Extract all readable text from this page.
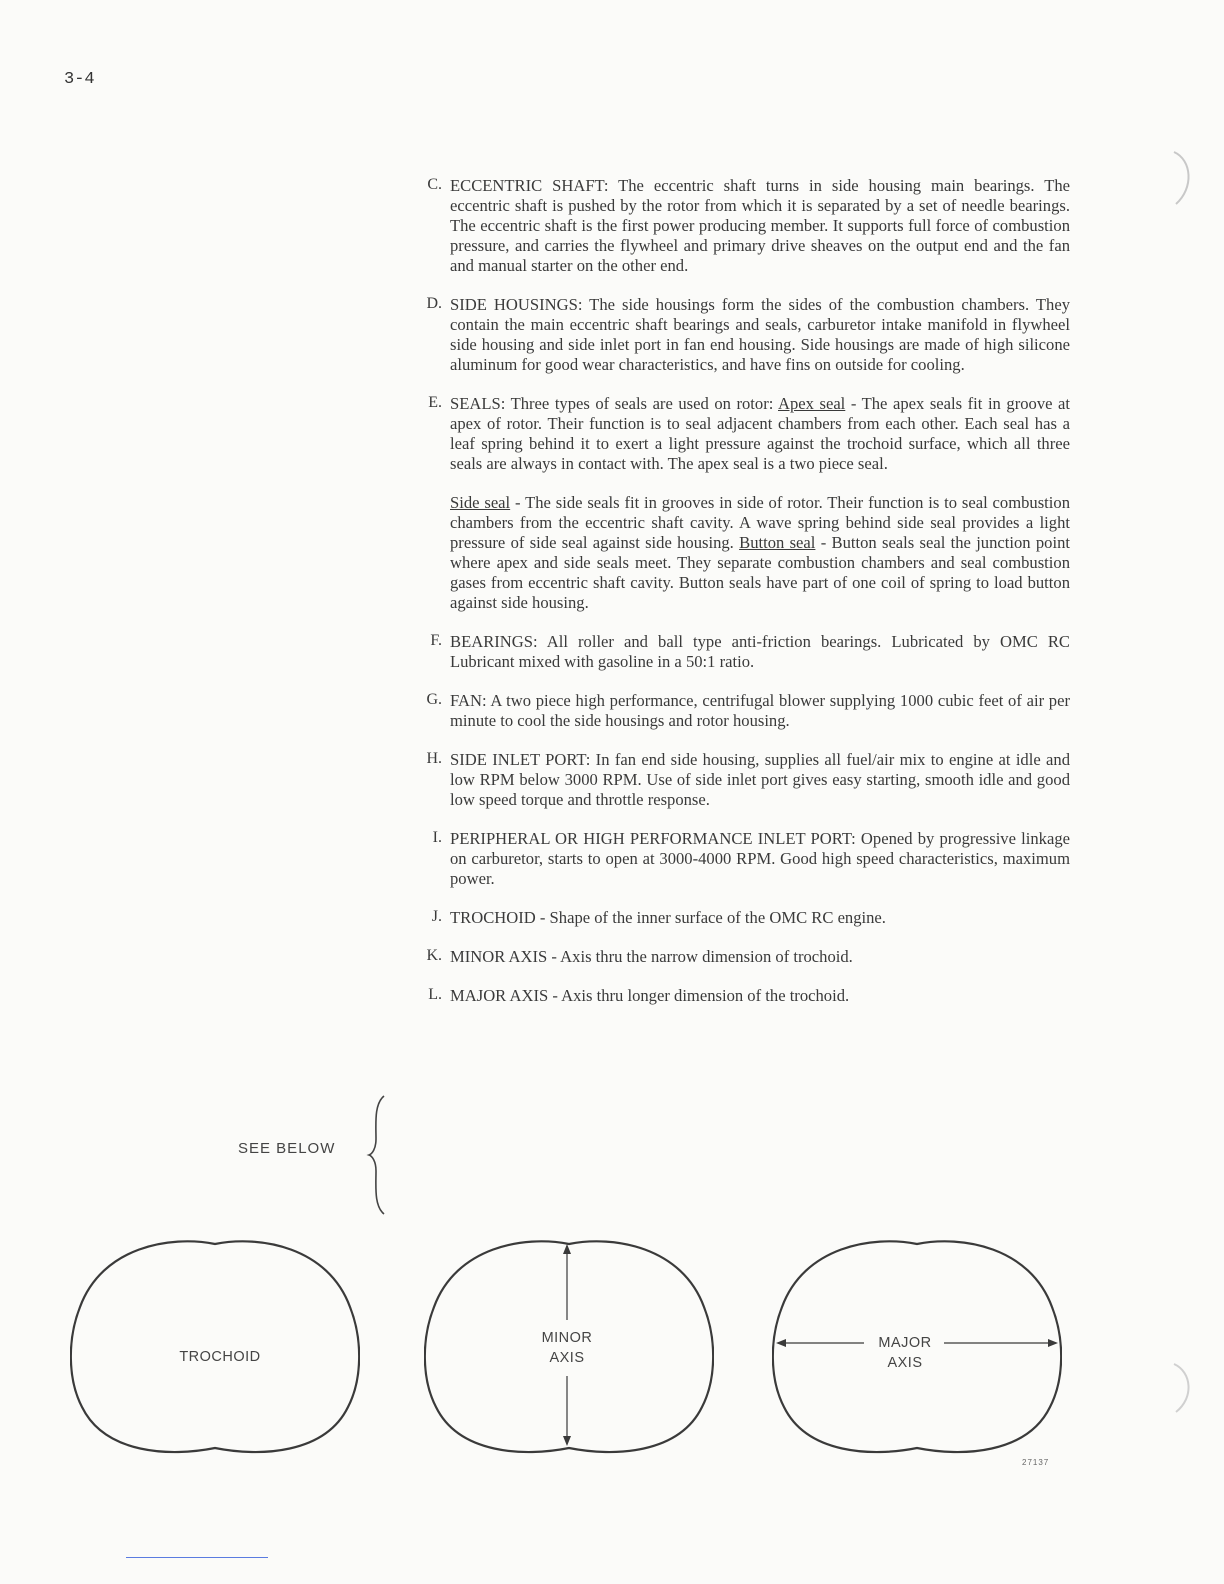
3-4
C. ECCENTRIC SHAFT: The eccentric shaft turns in side housing main bearings. The eccentric shaft is pushed by the rotor from which it is separated by a set of needle bearings. The eccentric shaft is the first power producing member. It supports full force of combustion pressure, and carries the flywheel and primary drive sheaves on the output end and the fan and manual starter on the other end.
D. SIDE HOUSINGS: The side housings form the sides of the combustion chambers. They contain the main eccentric shaft bearings and seals, carburetor intake manifold in flywheel side housing and side inlet port in fan end housing. Side housings are made of high silicone aluminum for good wear characteristics, and have fins on outside for cooling.
E. SEALS: Three types of seals are used on rotor: Apex seal - The apex seals fit in groove at apex of rotor. Their function is to seal adjacent chambers from each other. Each seal has a leaf spring behind it to exert a light pressure against the trochoid surface, which all three seals are always in contact with. The apex seal is a two piece seal.
Side seal - The side seals fit in grooves in side of rotor. Their function is to seal combustion chambers from the eccentric shaft cavity. A wave spring behind side seal provides a light pressure of side seal against side housing. Button seal - Button seals seal the junction point where apex and side seals meet. They separate combustion chambers and seal combustion gases from eccentric shaft cavity. Button seals have part of one coil of spring to load button against side housing.
F. BEARINGS: All roller and ball type anti-friction bearings. Lubricated by OMC RC Lubricant mixed with gasoline in a 50:1 ratio.
G. FAN: A two piece high performance, centrifugal blower supplying 1000 cubic feet of air per minute to cool the side housings and rotor housing.
H. SIDE INLET PORT: In fan end side housing, supplies all fuel/air mix to engine at idle and low RPM below 3000 RPM. Use of side inlet port gives easy starting, smooth idle and good low speed torque and throttle response.
I. PERIPHERAL OR HIGH PERFORMANCE INLET PORT: Opened by progressive linkage on carburetor, starts to open at 3000-4000 RPM. Good high speed characteristics, maximum power.
J. TROCHOID - Shape of the inner surface of the OMC RC engine.
K. MINOR AXIS - Axis thru the narrow dimension of trochoid.
L. MAJOR AXIS - Axis thru longer dimension of the trochoid.
SEE BELOW
TROCHOID
MINOR
AXIS
MAJOR
AXIS
27137
